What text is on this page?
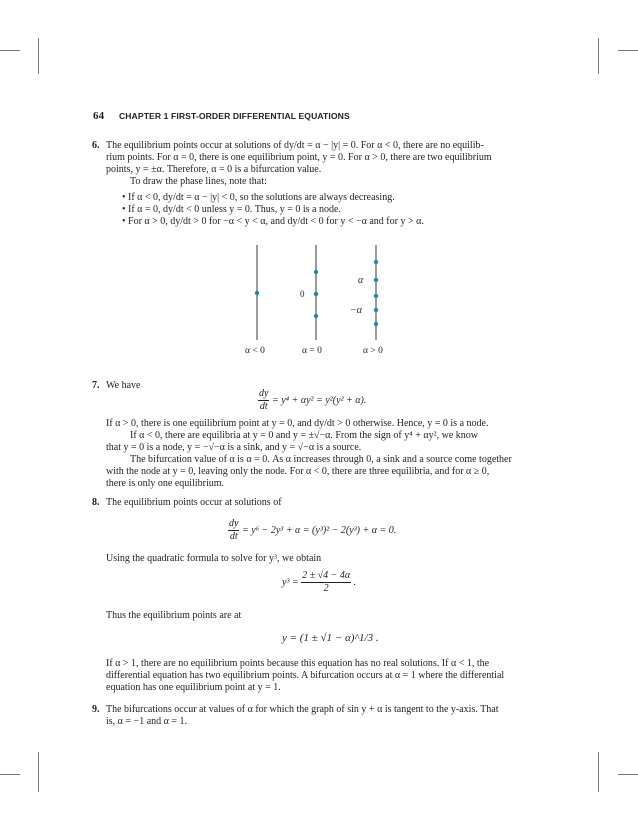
64 CHAPTER 1 FIRST-ORDER DIFFERENTIAL EQUATIONS
6. The equilibrium points occur at solutions of dy/dt = α − |y| = 0. For α < 0, there are no equilib-
rium points. For α = 0, there is one equilibrium point, y = 0. For α > 0, there are two equilibrium
points, y = ±α. Therefore, α = 0 is a bifurcation value.
To draw the phase lines, note that:
• If α < 0, dy/dt = α − |y| < 0, so the solutions are always decreasing.
• If α = 0, dy/dt < 0 unless y = 0. Thus, y = 0 is a node.
• For α > 0, dy/dt > 0 for −α < y < α, and dy/dt < 0 for y < −α and for y > α.
0
α
−α
α < 0	α = 0	α > 0
7. We have
$\frac{dy}{dt} = y^4 + \alpha y^2 = y^2(y^2 + \alpha)$.
If α > 0, there is one equilibrium point at y = 0, and dy/dt > 0 otherwise. Hence, y = 0 is a node.
If α < 0, there are equilibria at y = 0 and y = ±√−α. From the sign of y⁴ + αy², we know
that y = 0 is a node, y = −√−α is a sink, and y = √−α is a source.
The bifurcation value of α is α = 0. As α increases through 0, a sink and a source come together
with the node at y = 0, leaving only the node. For α < 0, there are three equilibria, and for α ≥ 0,
there is only one equilibrium.
8. The equilibrium points occur at solutions of
$\frac{dy}{dt} = y^6 - 2y^3 + \alpha = (y^3)^2 - 2(y^3) + \alpha = 0$.
Using the quadratic formula to solve for y³, we obtain
$y^3 = \frac{2 \pm √4 - 4\alpha}{2}$ .
Thus the equilibrium points are at
y = (1 ± √1 − α)^1/3 .
If α > 1, there are no equilibrium points because this equation has no real solutions. If α < 1, the
differential equation has two equilibrium points. A bifurcation occurs at α = 1 where the differential
equation has one equilibrium point at y = 1.
9. The bifurcations occur at values of α for which the graph of sin y + α is tangent to the y-axis. That
is, α = −1 and α = 1.
